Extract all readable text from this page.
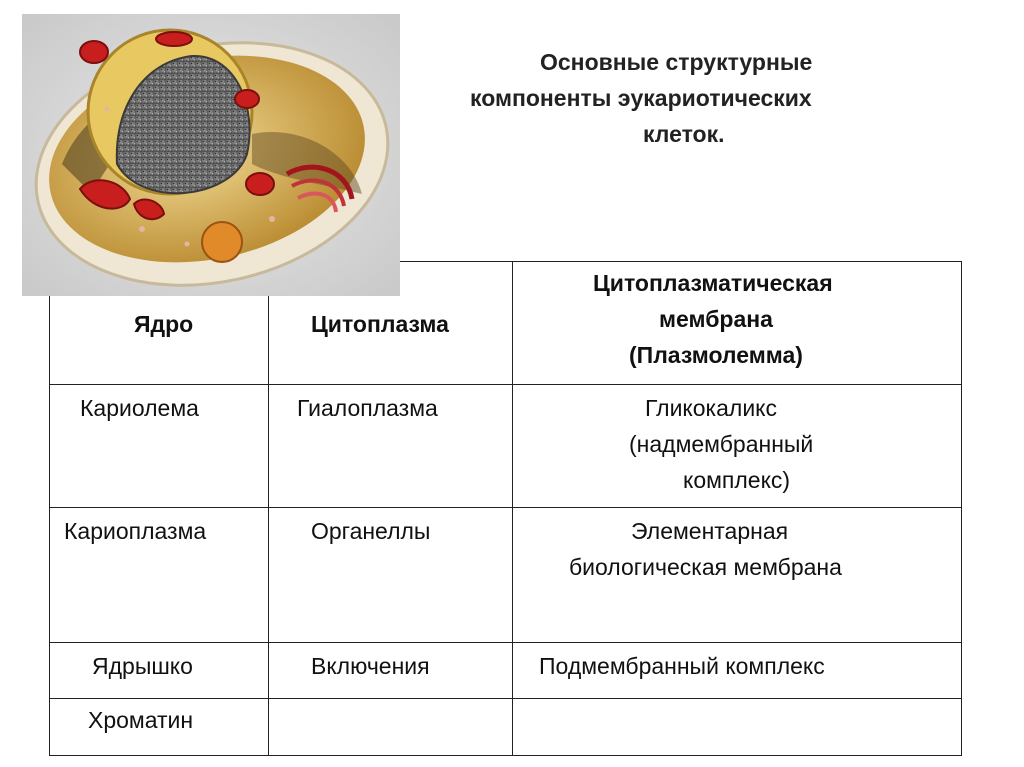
Основные структурные
компоненты эукариотических
клеток.
Ядро	Цитоплазма	Цитоплазматическая
мембрана
(Плазмолемма)

Кариолема	Гиалоплазма	Гликокаликс
(надмембранный
комплекс)

Кариоплазма	Органеллы	Элементарная
биологическая мембрана

Ядрышко	Включения	Подмембранный комплекс

Хроматин		
